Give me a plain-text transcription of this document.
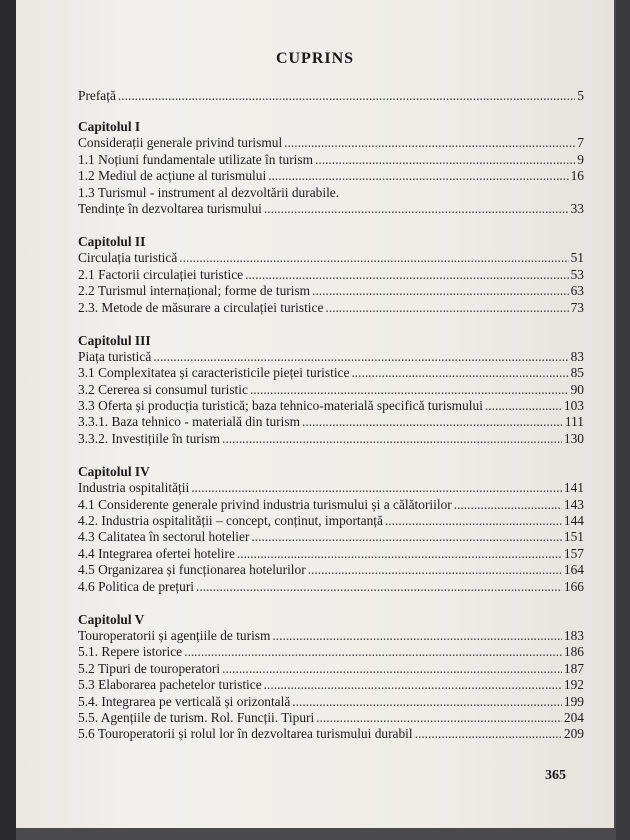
CUPRINS
Prefață .....	5
Capitolul I
Considerații generale privind turismul .....	7
1.1 Noțiuni fundamentale utilizate în turism .....	9
1.2 Mediul de acțiune al turismului .....	16
1.3 Turismul - instrument al dezvoltării durabile.
Tendințe în dezvoltarea turismului .....	33
Capitolul II
Circulația turistică .....	51
2.1 Factorii circulației turistice .....	53
2.2 Turismul internațional; forme de turism .....	63
2.3. Metode de măsurare a circulației turistice .....	73
Capitolul III
Piața turistică .....	83
3.1 Complexitatea și caracteristicile pieței turistice .....	85
3.2 Cererea si consumul turistic .....	90
3.3 Oferta și producția turistică; baza tehnico-materială specifică turismului .....	103
3.3.1. Baza tehnico - materială din turism .....	111
3.3.2. Investițiile în turism .....	130
Capitolul IV
Industria ospitalității .....	141
4.1 Considerente generale privind industria turismului și a călătoriilor .....	143
4.2. Industria ospitalității – concept, conținut, importanță .....	144
4.3 Calitatea în sectorul hotelier .....	151
4.4 Integrarea ofertei hotelire .....	157
4.5 Organizarea și funcționarea hotelurilor .....	164
4.6 Politica de prețuri .....	166
Capitolul V
Touroperatorii și agențiile de turism .....	183
5.1. Repere istorice .....	186
5.2 Tipuri de touroperatori .....	187
5.3 Elaborarea pachetelor turistice .....	192
5.4. Integrarea pe verticală și orizontală .....	199
5.5. Agențiile de turism. Rol. Funcții. Tipuri .....	204
5.6 Touroperatorii și rolul lor în dezvoltarea turismului durabil .....	209
365
